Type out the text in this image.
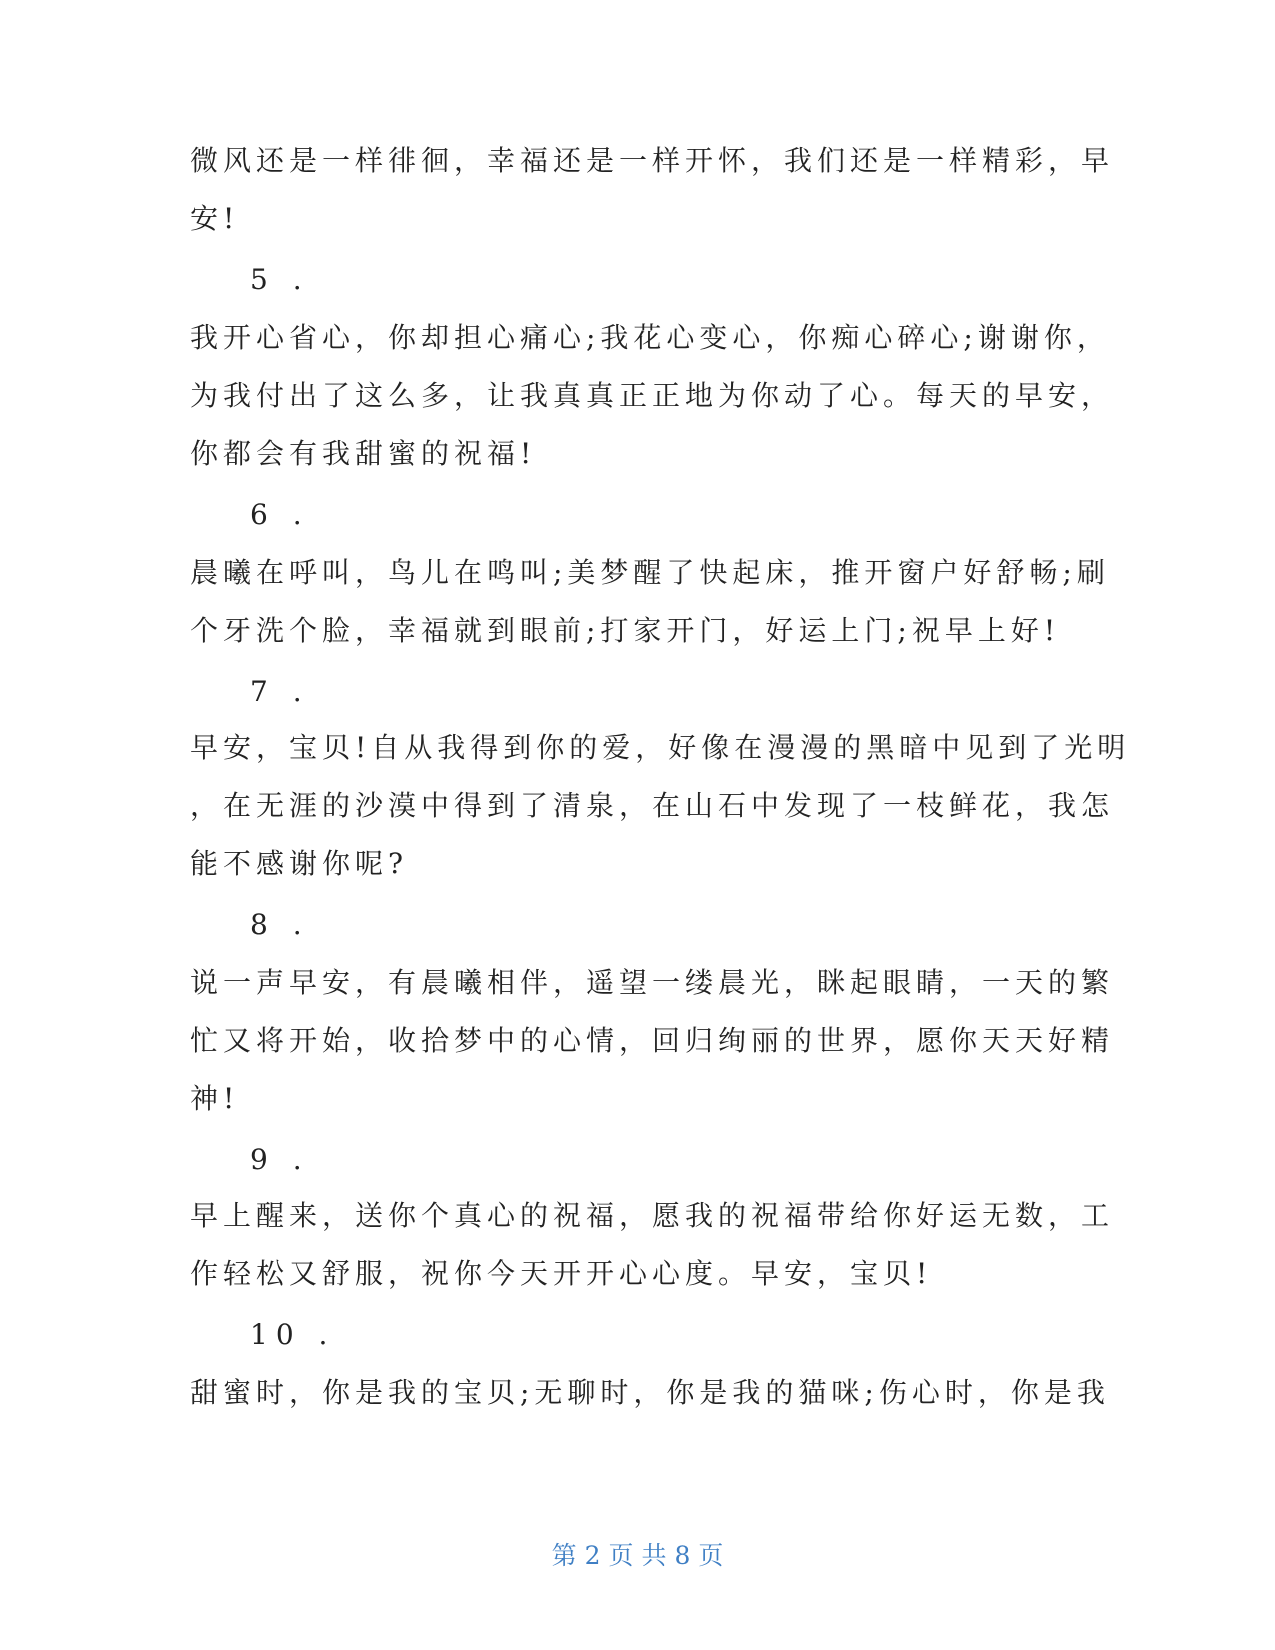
微风还是一样徘徊，幸福还是一样开怀，我们还是一样精彩，早
安!
5 .
我开心省心，你却担心痛心;我花心变心，你痴心碎心;谢谢你，
为我付出了这么多，让我真真正正地为你动了心。每天的早安，
你都会有我甜蜜的祝福!
6 .
晨曦在呼叫，鸟儿在鸣叫;美梦醒了快起床，推开窗户好舒畅;刷
个牙洗个脸，幸福就到眼前;打家开门，好运上门;祝早上好!
7 .
早安，宝贝!自从我得到你的爱，好像在漫漫的黑暗中见到了光明
，在无涯的沙漠中得到了清泉，在山石中发现了一枝鲜花，我怎
能不感谢你呢?
8 .
说一声早安，有晨曦相伴，遥望一缕晨光，眯起眼睛，一天的繁
忙又将开始，收拾梦中的心情，回归绚丽的世界，愿你天天好精
神!
9 .
早上醒来，送你个真心的祝福，愿我的祝福带给你好运无数，工
作轻松又舒服，祝你今天开开心心度。早安，宝贝!
10 .
甜蜜时，你是我的宝贝;无聊时，你是我的猫咪;伤心时，你是我
第 2 页 共 8 页
